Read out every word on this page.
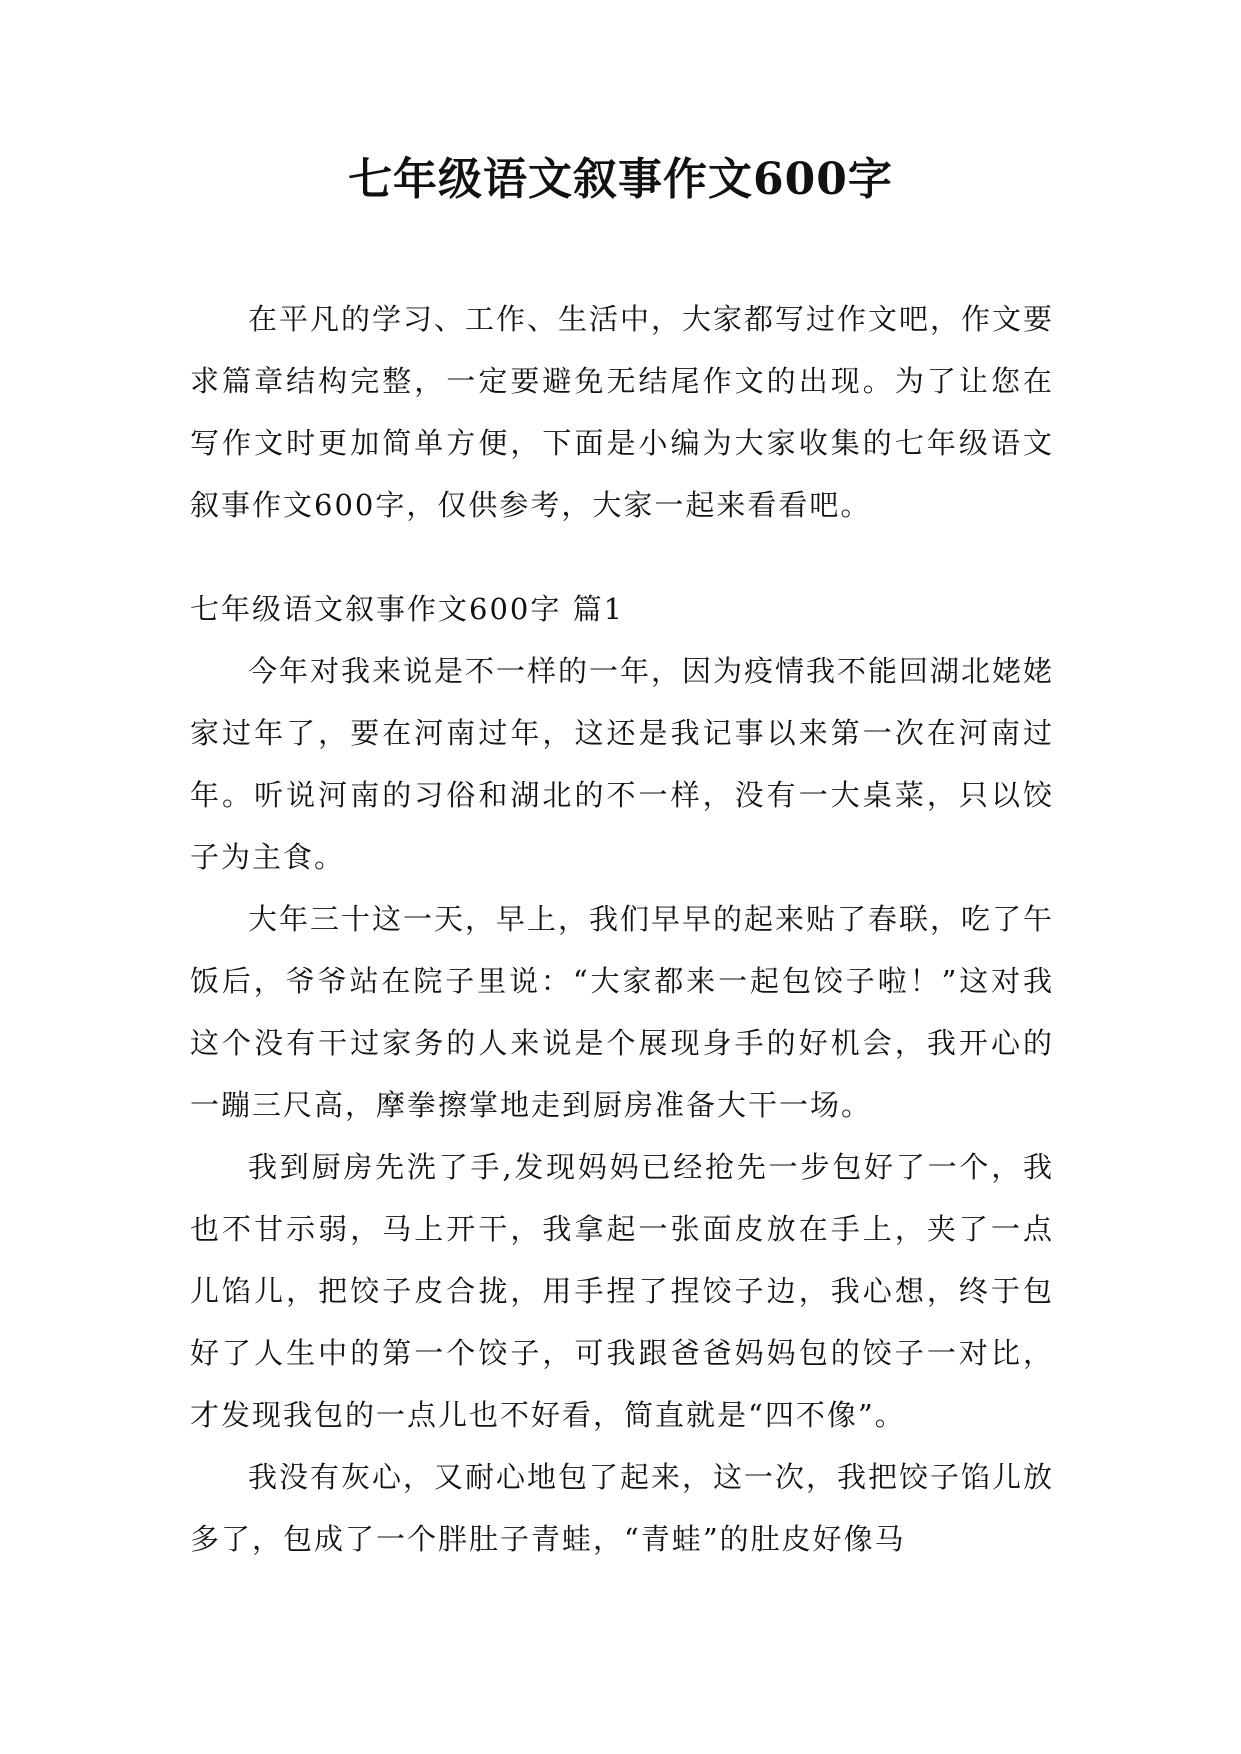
七年级语文叙事作文600字

在平凡的学习、工作、生活中，大家都写过作文吧，作文要求篇章结构完整，一定要避免无结尾作文的出现。为了让您在写作文时更加简单方便，下面是小编为大家收集的七年级语文叙事作文600字，仅供参考，大家一起来看看吧。

七年级语文叙事作文600字 篇1

今年对我来说是不一样的一年，因为疫情我不能回湖北姥姥家过年了，要在河南过年，这还是我记事以来第一次在河南过年。听说河南的习俗和湖北的不一样，没有一大桌菜，只以饺子为主食。

大年三十这一天，早上，我们早早的起来贴了春联，吃了午饭后，爷爷站在院子里说：“大家都来一起包饺子啦！”这对我这个没有干过家务的人来说是个展现身手的好机会，我开心的一蹦三尺高，摩拳擦掌地走到厨房准备大干一场。

我到厨房先洗了手,发现妈妈已经抢先一步包好了一个，我也不甘示弱，马上开干，我拿起一张面皮放在手上，夹了一点儿馅儿，把饺子皮合拢，用手捏了捏饺子边，我心想，终于包好了人生中的第一个饺子，可我跟爸爸妈妈包的饺子一对比，才发现我包的一点儿也不好看，简直就是“四不像”。

我没有灰心，又耐心地包了起来，这一次，我把饺子馅儿放多了，包成了一个胖肚子青蛙，“青蛙”的肚皮好像马
